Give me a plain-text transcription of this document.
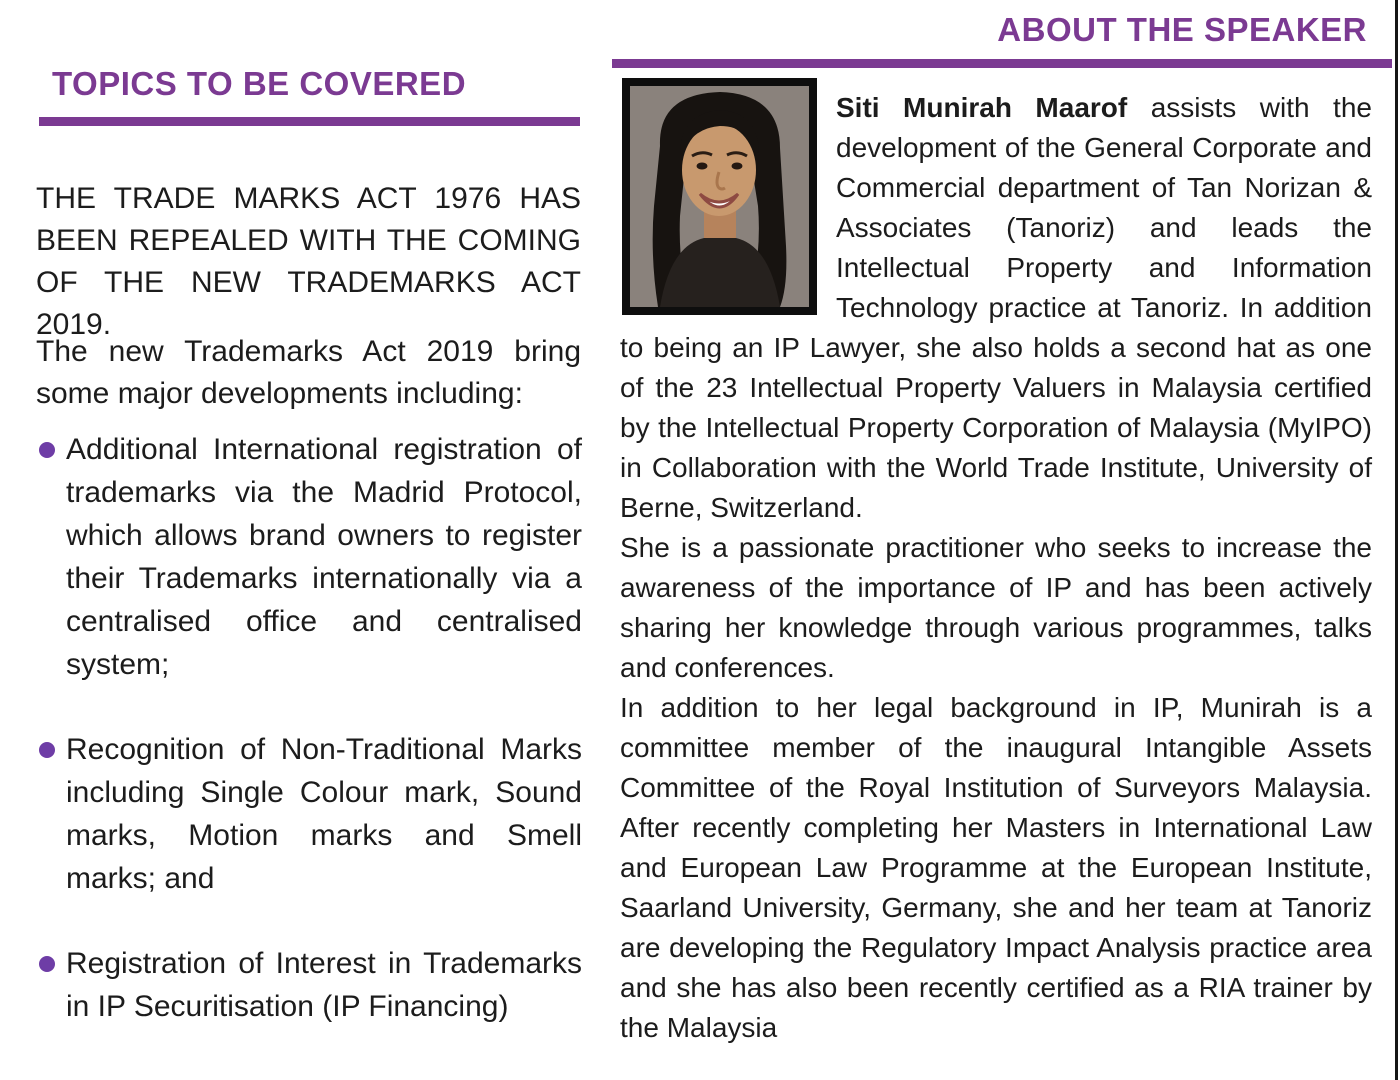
TOPICS TO BE COVERED

THE TRADE MARKS ACT 1976 HAS BEEN REPEALED WITH THE COMING OF THE NEW TRADEMARKS ACT 2019.

The new Trademarks Act 2019 bring some major developments including:

Additional International registration of trademarks via the Madrid Protocol, which allows brand owners to register their Trademarks internationally via a centralised office and centralised system;
Recognition of Non-Traditional Marks including Single Colour mark, Sound marks, Motion marks and Smell marks; and
Registration of Interest in Trademarks in IP Securitisation (IP Financing)
ABOUT THE SPEAKER

Siti Munirah Maarof assists with the development of the General Corporate and Commercial department of Tan Norizan & Associates (Tanoriz) and leads the Intellectual Property and Information Technology practice at Tanoriz. In addition to being an IP Lawyer, she also holds a second hat as one of the 23 Intellectual Property Valuers in Malaysia certified by the Intellectual Property Corporation of Malaysia (MyIPO) in Collaboration with the World Trade Institute, University of Berne, Switzerland.

She is a passionate practitioner who seeks to increase the awareness of the importance of IP and has been actively sharing her knowledge through various programmes, talks and conferences.

In addition to her legal background in IP, Munirah is a committee member of the inaugural Intangible Assets Committee of the Royal Institution of Surveyors Malaysia. After recently completing her Masters in International Law and European Law Programme at the European Institute, Saarland University, Germany, she and her team at Tanoriz are developing the Regulatory Impact Analysis practice area and she has also been recently certified as a RIA trainer by the Malaysia
